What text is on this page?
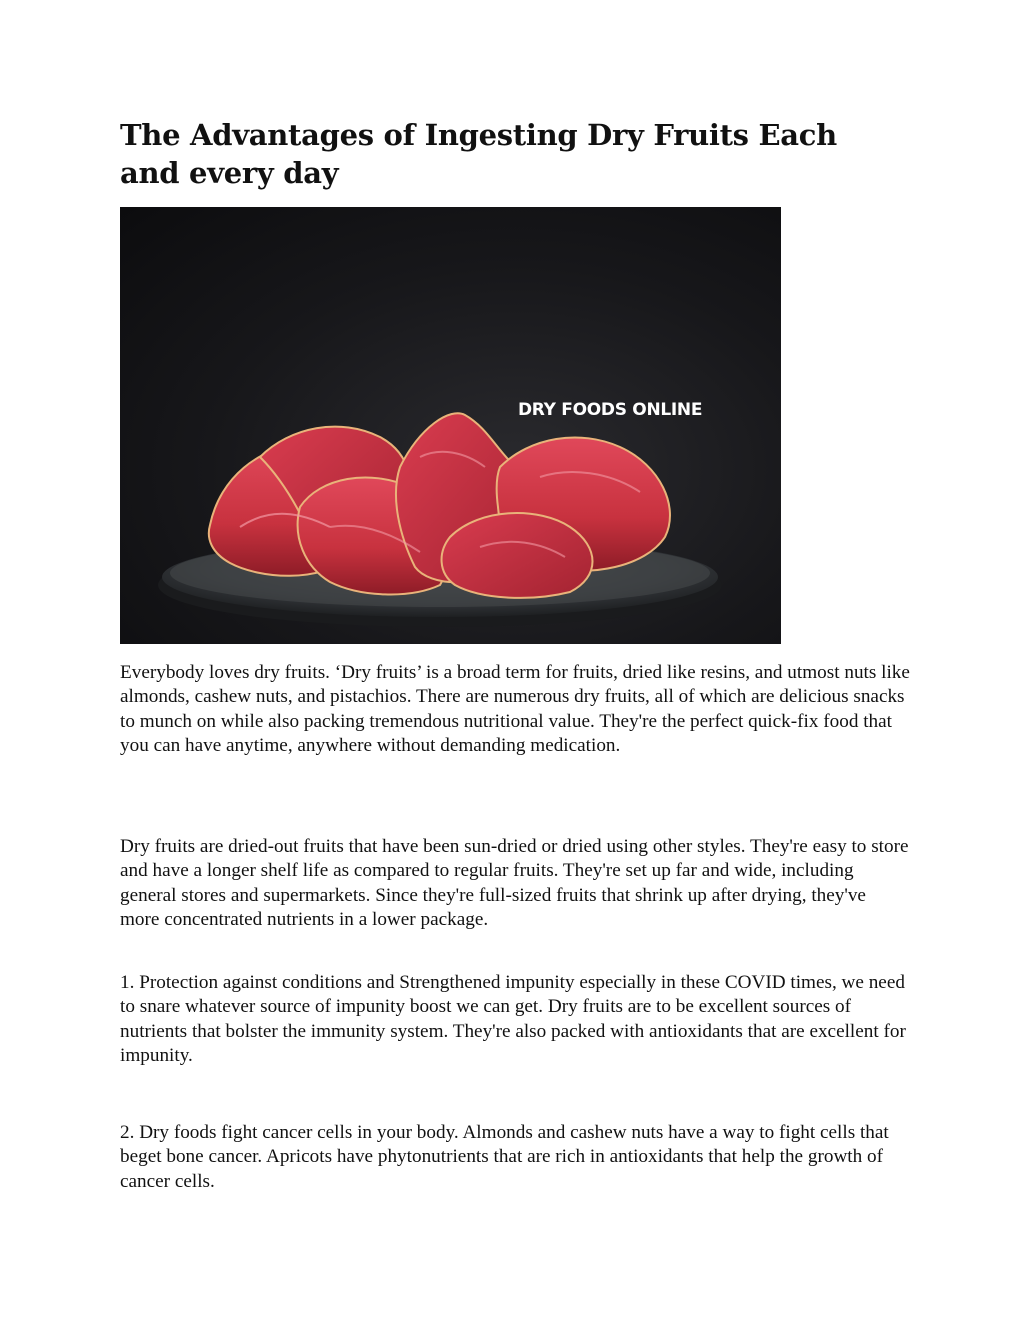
The Advantages of Ingesting Dry Fruits Each and every day
DRY FOODS ONLINE

Everybody loves dry fruits. ‘Dry fruits’ is a broad term for fruits, dried like resins, and utmost nuts like almonds, cashew nuts, and pistachios. There are numerous dry fruits, all of which are delicious snacks to munch on while also packing tremendous nutritional value. They're the perfect quick-fix food that you can have anytime, anywhere without demanding medication.

Dry fruits are dried-out fruits that have been sun-dried or dried using other styles. They're easy to store and have a longer shelf life as compared to regular fruits. They're set up far and wide, including general stores and supermarkets. Since they're full-sized fruits that shrink up after drying, they've more concentrated nutrients in a lower package.

1. Protection against conditions and Strengthened impunity especially in these COVID times, we need to snare whatever source of impunity boost we can get. Dry fruits are to be excellent sources of nutrients that bolster the immunity system. They're also packed with antioxidants that are excellent for impunity.

2. Dry foods fight cancer cells in your body. Almonds and cashew nuts have a way to fight cells that beget bone cancer. Apricots have phytonutrients that are rich in antioxidants that help the growth of cancer cells.
